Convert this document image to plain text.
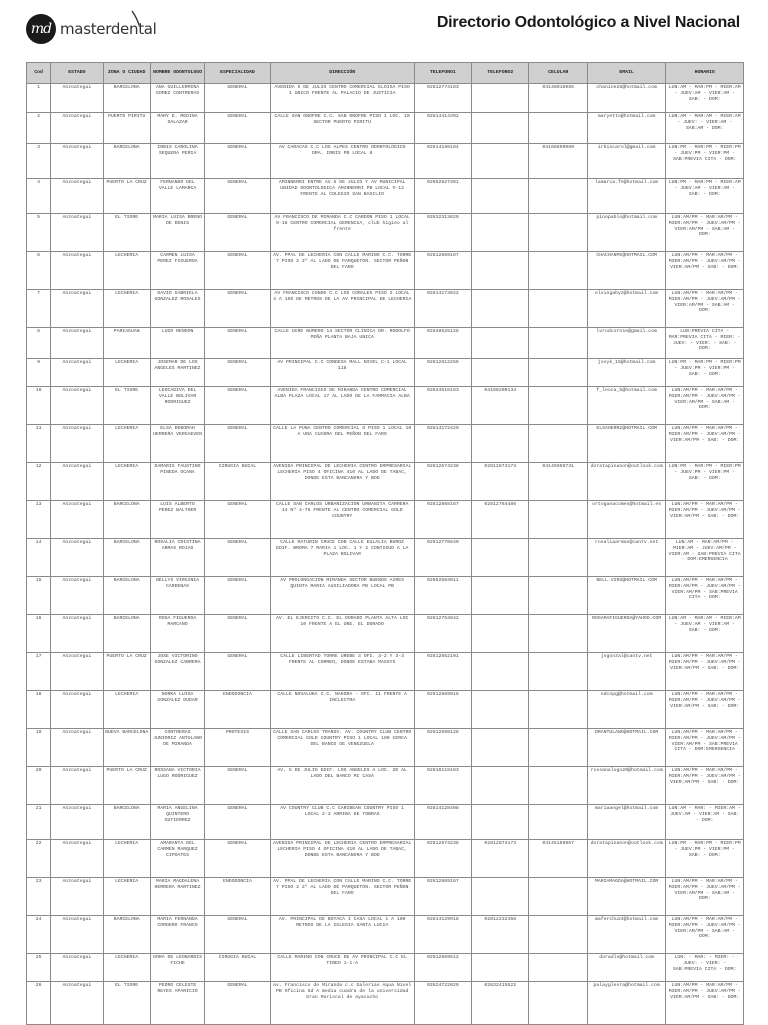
md masterdental	Directorio Odontológico a Nivel Nacional
Cod	ESTADO	ZONA O CIUDAD	NOMBRE ODONTOLOGO	ESPECIALIDAD	DIRECCIÓN	TELEFONO1	TELEFONO2	CELULAR	EMAIL	HORARIO
1	Anzoategui	BARCELONA	ANA GUILLERMINA GOMEZ CONTRERAS	GENERAL	AVENIDA 5 DE JULIO CENTRO COMERCIAL ELOISA PISO 1 UNICO FRENTE AL PALACIO DE JUSTICIA	02812774183		04148015085	chanine28@hotmail.com	LUN:AM - MAR:PM - MIER:AM - JUEV:AM - VIER:AM - SAB: - DOM:
2	Anzoategui	PUERTO PIRITU	MARY E. MEDINA SALAZAR	GENERAL	CALLE SAN ONOFRE C.C. SAN ONOFRE PISO 1 LOC. 10 SECTOR PUERTO PIRITU	02814414392			maryetto@hotmail.com	LUN:AM - MAR:AM - MIER:AM - JUEV: - VIER:AM - SAB:AM - DOM:
3	Anzoategui	BARCELONA	IRBIS CAROLINA SEQUERA PERIA	GENERAL	AV CARACAS C.C LOS ALPES CENTRO ODONTOLOGICO DRA. IRBIS PB LOCAL 8	02814186184		04168850089	irbiscarol@gmail.com	LUN:PM - MAR:PM - MIER:PM - JUEV:PM - VIER:PM - SAB:PREVIA CITA - DOM:
4	Anzoategui	PUERTO LA CRUZ	FERNANDO DEL VALLE LAMARCA	GENERAL	AMINNERRI ENTRE AV.5 DE JULIO Y AV MUNICIPAL UNIDAD ODONTOLOGICA AMINNERRI PB LOCAL #-12 FRENTE AL COLEGIO SAN BASILIO	02652627381			lamarca.fe@hotmail.com	LUN:PM - MAR:PM - MIER:AM - JUEV:AM - VIER:AM - SAB: - DOM:
5	Anzoategui	EL TIGRE	MARIA LUISA BRENO DE DENIS	GENERAL	AV FRANCISCO DE MIRANDA C.C CARDON PISO 1 LOCAL 9-16 CENTRO COMERCIAL GERENCIA, club higieo al frente	02832313820			pinopablo@hotmail.com	LUN:AM/PM - MAR:AM/PM - MIER:AM/PM - JUEV:AM/PM - VIER:AM/PM - SAB:AM - DOM:
6	Anzoategui	LECHERIA	CARMEN LUISA PEREZ FIGUEROA	GENERAL	AV. PPAL DE LECHERIA CON CALLE MARINO C.C. TORRE 7 PISO 2 2º AL LADO DE PARQUETON. SECTOR PEÑON DEL FARO	02812869167			CHACHANPE@HOTMAIL.COM	LUN:AM/PM - MAR:AM/PM - MIER:AM/PM - JUEV:AM/PM - VIER:AM/PM - SAB: - DOM:
7	Anzoategui	LECHERIA	DAVID GABRIELA GONZALEZ ROSALES	GENERAL	AV FRANCISCO CONDE C.C LOS CORALES PISO 2 LOCAL 4 A 150 DE METROS DE LA AV PRINCIPAL DE LECHERIA	02814173022			elvingaby2@hotmail.com	LUN:AM/PM - MAR:AM/PM - MIER:AM/PM - JUEV:AM/PM - VIER:AM/PM - SAB:AM - DOM:
8	Anzoategui	PARIAGUAN	LUGO RENDON	GENERAL	CALLE UCRE NUMERO 14 SECTOR CLINICA DR. RODOLFO PEÑA PLANTA BAJA UNICA	02838625128			lvrodcorn1e@gmail.com	LUN:PREVIA CITA - MAR:PREVIA CITA - MIER: - JUEV: - VIER: - SAB: - DOM:
9	Anzoategui	LECHERIA	JOSEMAR DE LOS ANGELES MARTINEZ	GENERAL	AV PRINCIPAL C.C CONDESA MALL NIVEL C-1 LOCAL 118	02812812256			josyk_15@hotmail.com	LUN:PM - MAR:PM - MIER:PM - JUEV:PM - VIER:PM - SAB: - DOM:
10	Anzoategui	EL TIGRE	LEOCADIVA DEL VALLE BOLIVAR RODRIGUEZ	GENERAL	AVENIDA FRANCISCO DE MIRANDA CENTRO COMERCIAL ALBA PLAZA LOCAL 17 AL LADO DE LA FARMACIA ALBA	02834516163	04168200134		f_leoca_b@hotmail.com	LUN:AM/PM - MAR:AM/PM - MIER:AM/PM - JUEV:AM/PM - VIER:AM/PM - SAB:AM - DOM:
11	Anzoategui	LECHERIA	ELSA DEBORAH HERRERA VERGAEVEN	GENERAL	CALLE LA PUNA CENTRO COMERCIAL O PISO 1 LOCAL 10 A UNA CUADRA DEL PEÑON DEL FARO	02814172420			ELSAHERR2@HOTMAIL.COM	LUN:AM/PM - MAR:AM/PM - MIER:AM/PM - JUEV:AM/PM - VIER:AM/PM - SAB: - DOM:
12	Anzoategui	LECHERIA	DAMARIS FAUSTINO PINEDA OCANA	CIRUGIA BUCAL	AVENIDA PRINCIPAL DE LECHERIA CENTRO EMPRESARIAL LECHERIA PISO 4 OFICINA 410 AL LADO DE TABAC, DONDE ESTA BANCANORA Y BOD	02812674238	02812874173	04145959731	doratapinanon@outlook.com	LUN:PM - MAR:PM - MIER:PM - JUEV:PM - VIER:PM - SAB: - DOM:
13	Anzoategui	BARCELONA	LUIS ALBERTO PEREZ BALTHER	GENERAL	CALLE SAN CARLOS URBANIZACION URBANITA CARRERA 14 Nº 4-75 FRENTE AL CENTRO COMERCIAL GOLD COUNTRY	02812868167	02812764486		ortoganacomes@hotmail.es	LUN:AM/PM - MAR:AM/PM - MIER:AM/PM - JUEV:AM/PM - VIER:AM/PM - SAB: - DOM:
14	Anzoategui	BARCELONA	ROSALIA CRISTINA ARMAS ROJAS	GENERAL	CALLE MATURIN CRUCE CON CALLE EULALIA BUROZ EDIF. BROMA 7 MARIA 1 LOC. 1 Y 2 CONTIGUO A LA PLAZA BOLIVAR	02812770840			rosaliaarmas@cantv.net	LUN:AM - MAR:AM/PM - MIER:AM - JUEV:AM/PM - VIER:AM - SAB:PREVIA CITA - DOM:EMERGENCIA
15	Anzoategui	BARCELONA	NELLYS VIRGINIA CARDENAS	GENERAL	AV PROLONGACION MIRANDA SECTOR BUENOS AIRES QUINTA MARIA AUXILIADORA PB LOCAL PB	02652684011			NELL.VIRS@HOTMAIL.COM	LUN:AM/PM - MAR:AM/PM - MIER:AM/PM - JUEV:AM/PM - VIER:AM/PM - SAB:PREVIA CITA - DOM:
16	Anzoategui	BARCELONA	ROSA FIGUEROA MARCANO	GENERAL	AV. EL EJERCITO C.C. EL DORADO PLANTA ALTA LOC 10 FRENTE A EL UNE. EL DORADO	02812753842			ROSAMAFIGUEROA@YAHOO.COM	LUN:AM - MAR:AM - MIER:AM - JUEV:AM - VIER:AM - SAB: - DOM:
17	Anzoategui	PUERTO LA CRUZ	JOSE VICTORINO GONZALEZ CABRERA	GENERAL	CALLE LIBERTAD TORRE UREBE 3 OFI. 3-2 Y 3-3 FRENTE AL CORREO, DONDE ESTABA MASSYS	02812652101			jvgonzal@cantv.net	LUN:AM/PM - MAR:AM/PM - MIER:AM/PM - JUEV:AM/PM - VIER:AM/PM - SAB: - DOM:
18	Anzoategui	LECHERIA	NORKA LUISA GONZALEZ DUDAR	ENDODONCIA	CALLE NOVALUKA C.C. NAKORA - OFC. 11 FRENTE A INCLECTRA	02812869916			ndcnpg@hotmail.com	LUN:AM/PM - MAR:AM/PM - MIER:AM/PM - JUEV:AM/PM - VIER:AM/PM - SAB: - DOM:
19	Anzoategui	NUEVA BARCELONA	CONTRERAS JUNIORIZ ANTULANO DE MIRANDA	PROTESIS	CALLE SAN CARLOS TRANSV. AV. COUNTRY CLUB CENTRO COMERCIAL GOLD COUNTRY PISO 1 LOCAL 100 CERCA DEL BANCO DE VENEZUELA	02812698128			DRANTULANO@HOTMAIL.COM	LUN:AM/PM - MAR:AM/PM - MIER:AM/PM - JUEV:AM/PM - VIER:AM/PM - SAB:PREVIA CITA - DOM:EMERGENCIA
20	Anzoategui	PUERTO LA CRUZ	ROSSANA VICTORIA LUGO RODRIGUEZ	GENERAL	AV. 5 DE JULIO EDIF. LOS ANGELES A LOC. 2D AL LADO DEL BANCO MI CASA	02816118183			rossanalugo20@hotmail.com	LUN:AM/PM - MAR:AM/PM - MIER:AM/PM - JUEV:AM/PM - VIER:AM/PM - SAB: - DOM:
21	Anzoategui	BARCELONA	MARIA ANGELINA QUINTERO GUTIERREZ	GENERAL	AV COUNTRY CLUB C.C CARIBEAN COUNTRY PISO 1 LOCAL 2-3 ARRIBA DE TOBRAS	02814128408			mariaangel@hotmail.com	LUN:AM - MAR: - MIER:AM - JUEV:AM - VIER:AM - SAB: - DOM:
22	Anzoategui	LECHERIA	AMARANTA DEL CARMEN MARQUEZ CIPOATES	GENERAL	AVENIDA PRINCIPAL DE LECHERIA CENTRO EMPRESARIAL LECHERIA PISO 4 OFICINA 410 AL LADO DE TABAC, DONDE ESTA BANCANORA Y BOD	02812674238	02812874173	04145159967	doratapinanon@outlook.com	LUN:PM - MAR:PM - MIER:PM - JUEV:PM - VIER:PM - SAB: - DOM:
23	Anzoategui	LECHERIA	MARIA MAGDALENA HERRERA MARTINEZ	ENDODONCIA	AV. PPAL DE LECHERIA CON CALLE MARINO C.C. TORRE 7 PISO 2 2º AL LADO DE PARQUETON. SECTOR PEÑON DEL FARO	02812869167			MARIAMAGDA@HOTMAIL.COM	LUN:AM/PM - MAR:AM/PM - MIER:AM/PM - JUEV:AM/PM - VIER:AM/PM - SAB:AM - DOM:
24	Anzoategui	BARCELONA	MARIA FERNANDA CORDERO FRANCO	GENERAL	AV. PRINCIPAL DE BOYACA I CASA LOCAL 1 A 100 METROS DE LA IGLESIA SANTA LUCIA	02814129918	02812232456		maferchu24@hotmail.com	LUN:AM/PM - MAR:AM/PM - MIER:AM/PM - JUEV:AM/PM - VIER:AM/PM - SAB:AM - DOM:
25	Anzoategui	LECHERIA	DORA DE LEONARDIS FICHE	CIRUGIA BUCAL	CALLE MARINO CON CRUCE DE AV PRINCIPAL C.C EL TINEO 1-1-A	02812869512			doradlv@hotmail.com	LUN: - MAR: - MIER: - JUEV: - VIER: - SAB:PREVIA CITA - DOM:
26	Anzoategui	EL TIGRE	PEDRO CELESTE REYES APARICIO	GENERAL	av. Francisco de Miranda c.c Galerias Aqua Nivel PB Oficina 5d A media cuadra de la universidad Gran Mariscal de ayacucho	02824722020	02832415522		palayglesra@hotmail.com	LUN:AM/PM - MAR:AM/PM - MIER:AM/PM - JUEV:AM/PM - VIER:AM/PM - SAB: - DOM:
